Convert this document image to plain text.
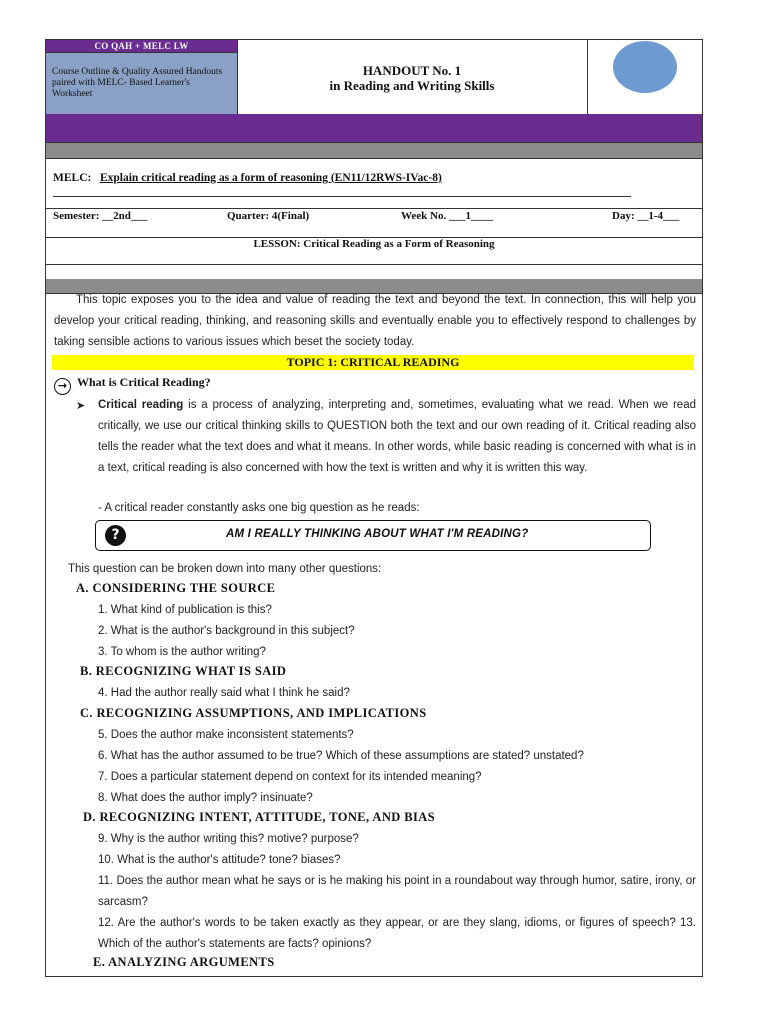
CO QAH + MELC LW
Course Outline & Quality Assured Handouts paired with MELC- Based Learner's Worksheet
HANDOUT No. 1
in Reading and Writing Skills
MELC: Explain critical reading as a form of reasoning (EN11/12RWS-IVac-8)
Semester: __2nd___	Quarter: 4(Final)	Week No. ___1____	Day: __1-4___
LESSON: Critical Reading as a Form of Reasoning

This topic exposes you to the idea and value of reading the text and beyond the text. In connection, this will help you develop your critical reading, thinking, and reasoning skills and eventually enable you to effectively respond to challenges by taking sensible actions to various issues which beset the society today.

TOPIC 1: CRITICAL READING
→ What is Critical Reading?
➤ Critical reading is a process of analyzing, interpreting and, sometimes, evaluating what we read. When we read critically, we use our critical thinking skills to QUESTION both the text and our own reading of it. Critical reading also tells the reader what the text does and what it means. In other words, while basic reading is concerned with what is in a text, critical reading is also concerned with how the text is written and why it is written this way.
- A critical reader constantly asks one big question as he reads:
?	AM I REALLY THINKING ABOUT WHAT I'M READING?
This question can be broken down into many other questions:
A. CONSIDERING THE SOURCE
1. What kind of publication is this?
2. What is the author's background in this subject?
3. To whom is the author writing?
B. RECOGNIZING WHAT IS SAID
4. Had the author really said what I think he said?
C. RECOGNIZING ASSUMPTIONS, AND IMPLICATIONS
5. Does the author make inconsistent statements?
6. What has the author assumed to be true? Which of these assumptions are stated? unstated?
7. Does a particular statement depend on context for its intended meaning?
8. What does the author imply? insinuate?
D. RECOGNIZING INTENT, ATTITUDE, TONE, AND BIAS
9. Why is the author writing this? motive? purpose?
10. What is the author's attitude? tone? biases?
11. Does the author mean what he says or is he making his point in a roundabout way through humor, satire, irony, or sarcasm?
12. Are the author's words to be taken exactly as they appear, or are they slang, idioms, or figures of speech? 13. Which of the author's statements are facts? opinions?
E. ANALYZING ARGUMENTS
